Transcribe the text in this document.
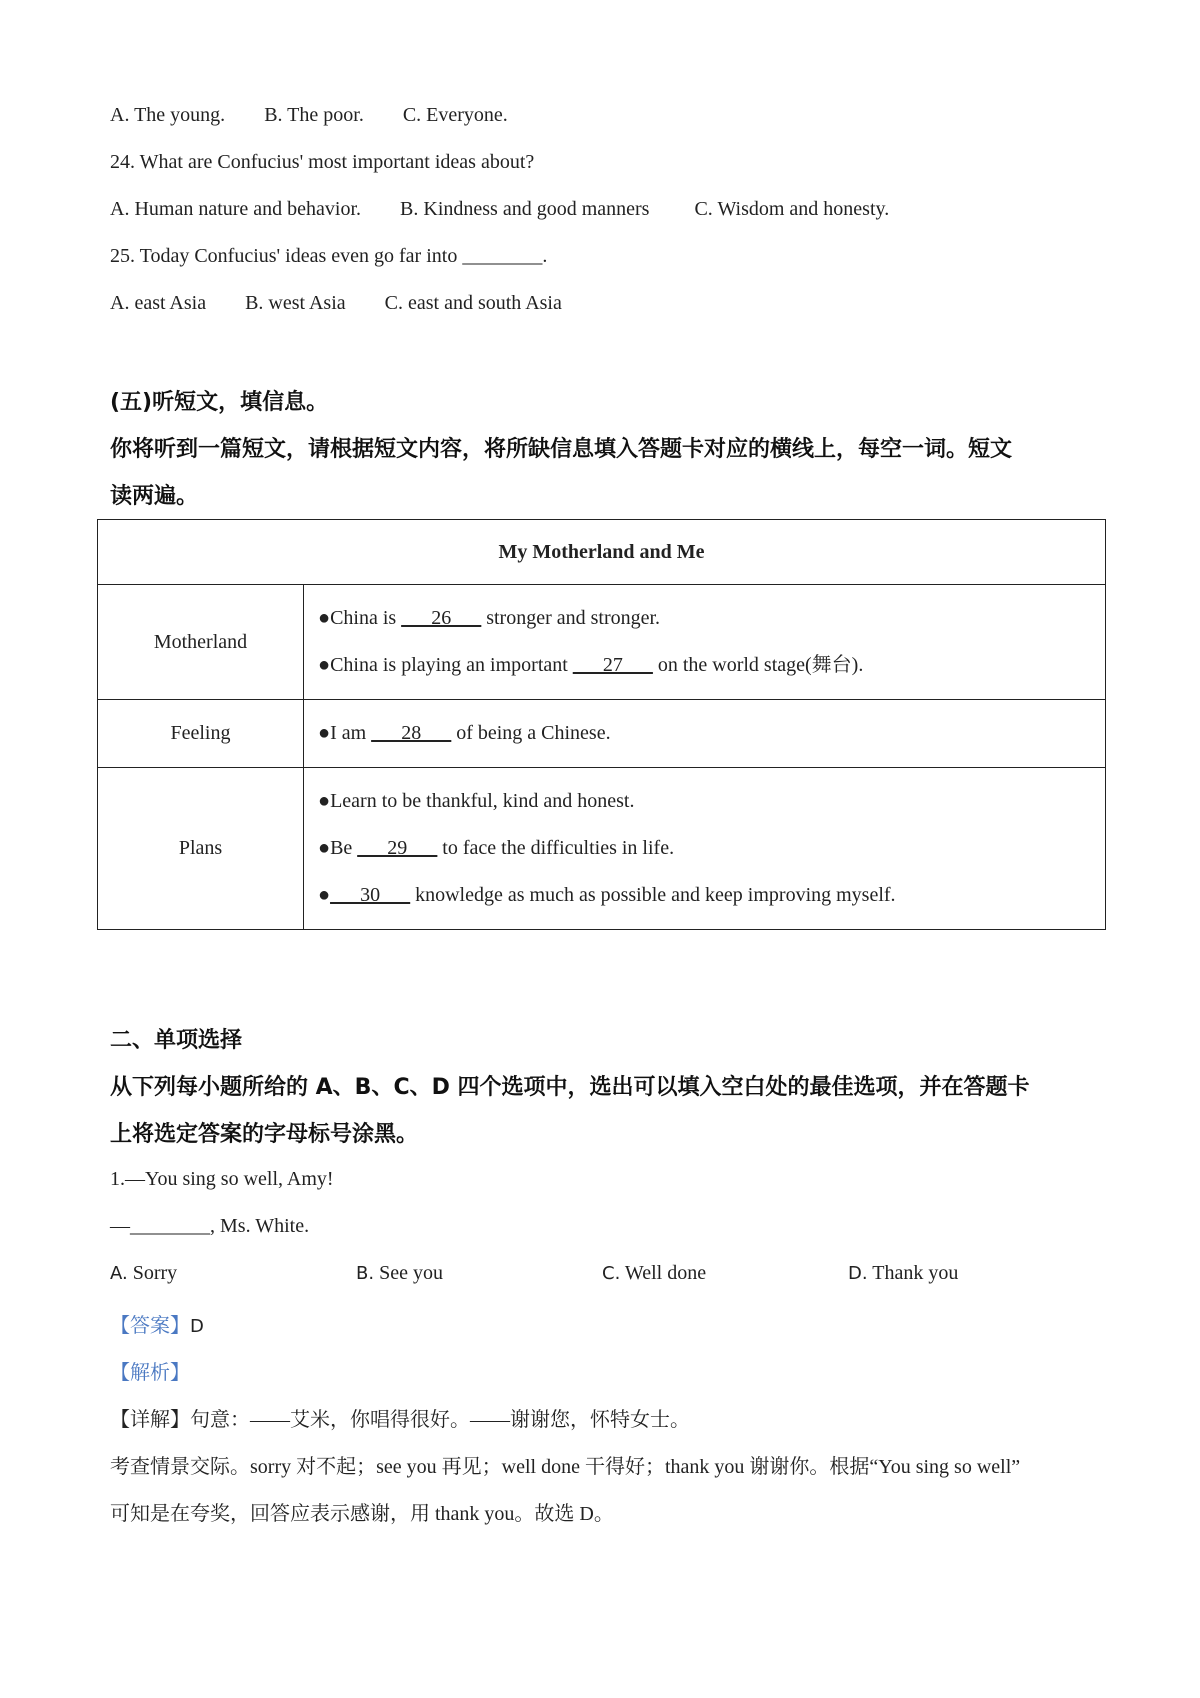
A. The young. B. The poor. C. Everyone.
24. What are Confucius' most important ideas about?
A. Human nature and behavior. B. Kindness and good manners C. Wisdom and honesty.
25. Today Confucius' ideas even go far into ________.
A. east Asia B. west Asia C. east and south Asia
(五)听短文，填信息。
你将听到一篇短文，请根据短文内容，将所缺信息填入答题卡对应的横线上，每空一词。短文
读两遍。
My Motherland and Me	
Motherland	●China is ___26___ stronger and stronger.
●China is playing an important ___27___ on the world stage(舞台).

Feeling	●I am ___28___ of being a Chinese.

Plans	●Learn to be thankful, kind and honest.
●Be ___29___ to face the difficulties in life.
●___30___ knowledge as much as possible and keep improving myself.
二、单项选择
从下列每小题所给的 A、B、C、D 四个选项中，选出可以填入空白处的最佳选项，并在答题卡
上将选定答案的字母标号涂黑。
1.—You sing so well, Amy!
—________, Ms. White.
A. Sorry	B. See you	C. Well done	D. Thank you
【答案】D
【解析】
【详解】句意：——艾米，你唱得很好。——谢谢您，怀特女士。
考查情景交际。sorry 对不起；see you 再见；well done 干得好；thank you 谢谢你。根据“You sing so well”
可知是在夸奖，回答应表示感谢，用 thank you。故选 D。
